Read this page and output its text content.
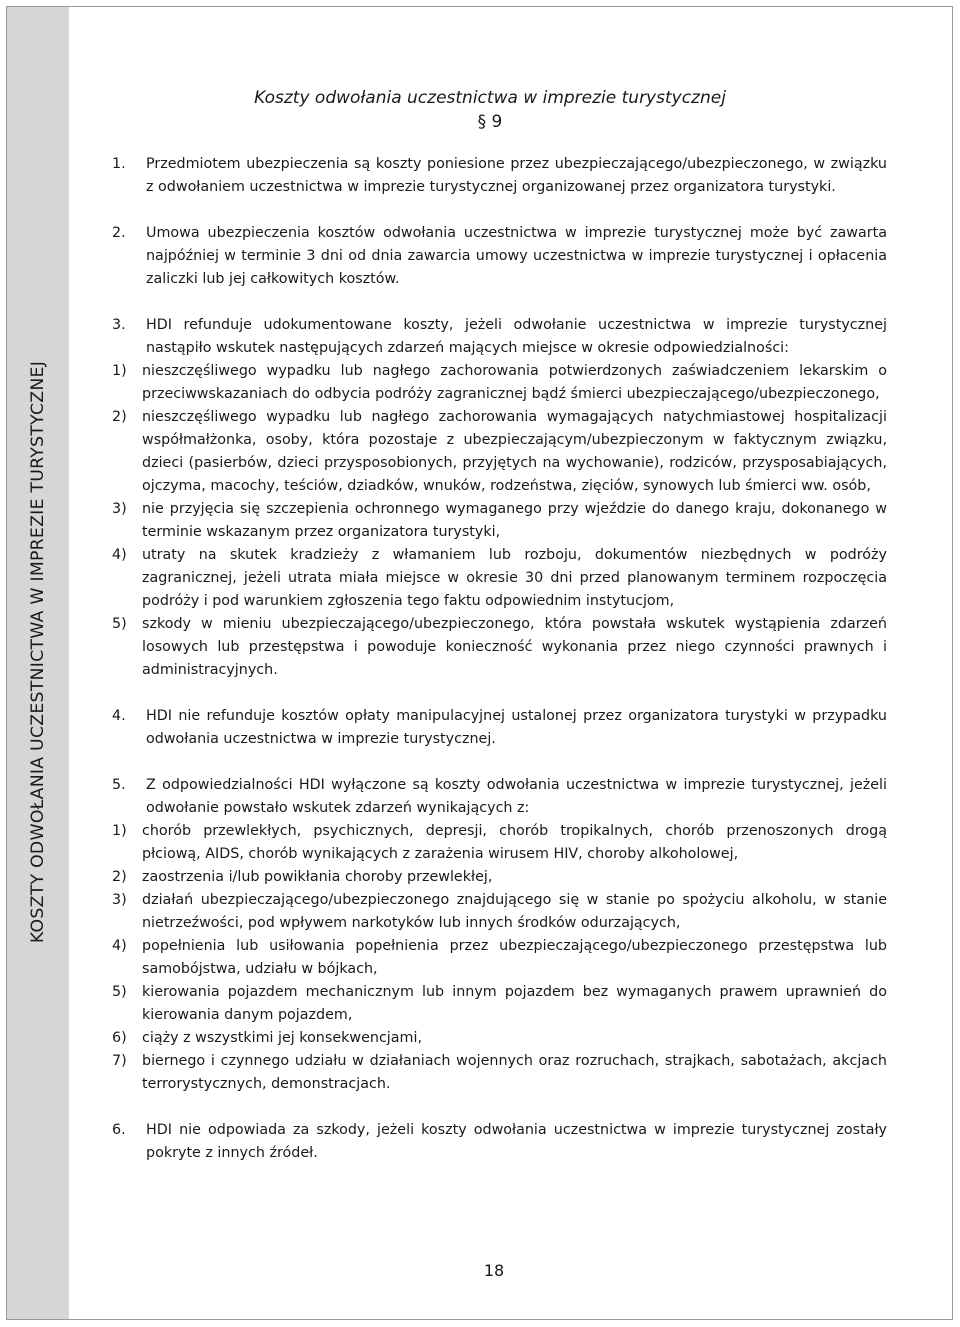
KOSZTY ODWOŁANIA UCZESTNICTWA W IMPREZIE TURYSTYCZNEJ
Koszty odwołania uczestnictwa w imprezie turystycznej
§ 9
1. Przedmiotem ubezpieczenia są koszty poniesione przez ubezpieczającego/ubezpieczonego, w związku z odwołaniem uczestnictwa w imprezie turystycznej organizowanej przez organizatora turystyki.
2. Umowa ubezpieczenia kosztów odwołania uczestnictwa w imprezie turystycznej może być zawarta najpóźniej w terminie 3 dni od dnia zawarcia umowy uczestnictwa w imprezie turystycznej i opłacenia zaliczki lub jej całkowitych kosztów.
3. HDI refunduje udokumentowane koszty, jeżeli odwołanie uczestnictwa w imprezie turystycznej nastąpiło wskutek następujących zdarzeń mających miejsce w okresie odpowiedzialności:
1) nieszczęśliwego wypadku lub nagłego zachorowania potwierdzonych zaświadczeniem lekarskim o przeciwwskazaniach do odbycia podróży zagranicznej bądź śmierci ubezpieczającego/ubezpieczonego,
2) nieszczęśliwego wypadku lub nagłego zachorowania wymagających natychmiastowej hospitalizacji współmałżonka, osoby, która pozostaje z ubezpieczającym/ubezpieczonym w faktycznym związku, dzieci (pasierbów, dzieci przysposobionych, przyjętych na wychowanie), rodziców, przysposabiających, ojczyma, macochy, teściów, dziadków, wnuków, rodzeństwa, zięciów, synowych lub śmierci ww. osób,
3) nie przyjęcia się szczepienia ochronnego wymaganego przy wjeździe do danego kraju, dokonanego w terminie wskazanym przez organizatora turystyki,
4) utraty na skutek kradzieży z włamaniem lub rozboju, dokumentów niezbędnych w podróży zagranicznej, jeżeli utrata miała miejsce w okresie 30 dni przed planowanym terminem rozpoczęcia podróży i pod warunkiem zgłoszenia tego faktu odpowiednim instytucjom,
5) szkody w mieniu ubezpieczającego/ubezpieczonego, która powstała wskutek wystąpienia zdarzeń losowych lub przestępstwa i powoduje konieczność wykonania przez niego czynności prawnych i administracyjnych.
4. HDI nie refunduje kosztów opłaty manipulacyjnej ustalonej przez organizatora turystyki w przypadku odwołania uczestnictwa w imprezie turystycznej.
5. Z odpowiedzialności HDI wyłączone są koszty odwołania uczestnictwa w imprezie turystycznej, jeżeli odwołanie powstało wskutek zdarzeń wynikających z:
1) chorób przewlekłych, psychicznych, depresji, chorób tropikalnych, chorób przenoszonych drogą płciową, AIDS, chorób wynikających z zarażenia wirusem HIV, choroby alkoholowej,
2) zaostrzenia i/lub powikłania choroby przewlekłej,
3) działań ubezpieczającego/ubezpieczonego znajdującego się w stanie po spożyciu alkoholu, w stanie nietrzeźwości, pod wpływem narkotyków lub innych środków odurzających,
4) popełnienia lub usiłowania popełnienia przez ubezpieczającego/ubezpieczonego przestępstwa lub samobójstwa, udziału w bójkach,
5) kierowania pojazdem mechanicznym lub innym pojazdem bez wymaganych prawem uprawnień do kierowania danym pojazdem,
6) ciąży z wszystkimi jej konsekwencjami,
7) biernego i czynnego udziału w działaniach wojennych oraz rozruchach, strajkach, sabotażach, akcjach terrorystycznych, demonstracjach.
6. HDI nie odpowiada za szkody, jeżeli koszty odwołania uczestnictwa w imprezie turystycznej zostały pokryte z innych źródeł.
18
